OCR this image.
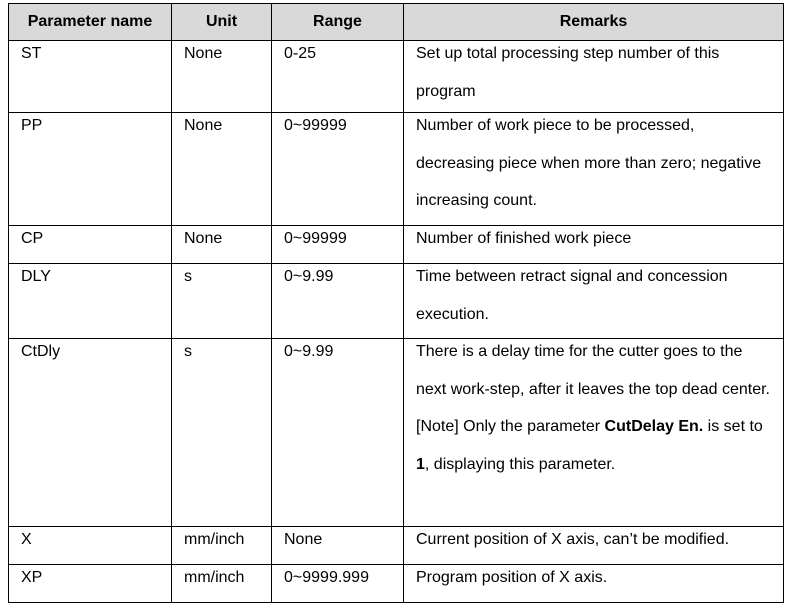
Parameter name	Unit	Range	Remarks

ST	None	0-25	Set up total processing step number of this program

PP	None	0~99999	Number of work piece to be processed, decreasing piece when more than zero; negative increasing count.

CP	None	0~99999	Number of finished work piece

DLY	s	0~9.99	Time between retract signal and concession execution.

CtDly	s	0~9.99	There is a delay time for the cutter goes to the next work-step, after it leaves the top dead center.
[Note] Only the parameter CutDelay En. is set to 1, displaying this parameter.

X	mm/inch	None	Current position of X axis, can’t be modified.

XP	mm/inch	0~9999.999	Program position of X axis.
